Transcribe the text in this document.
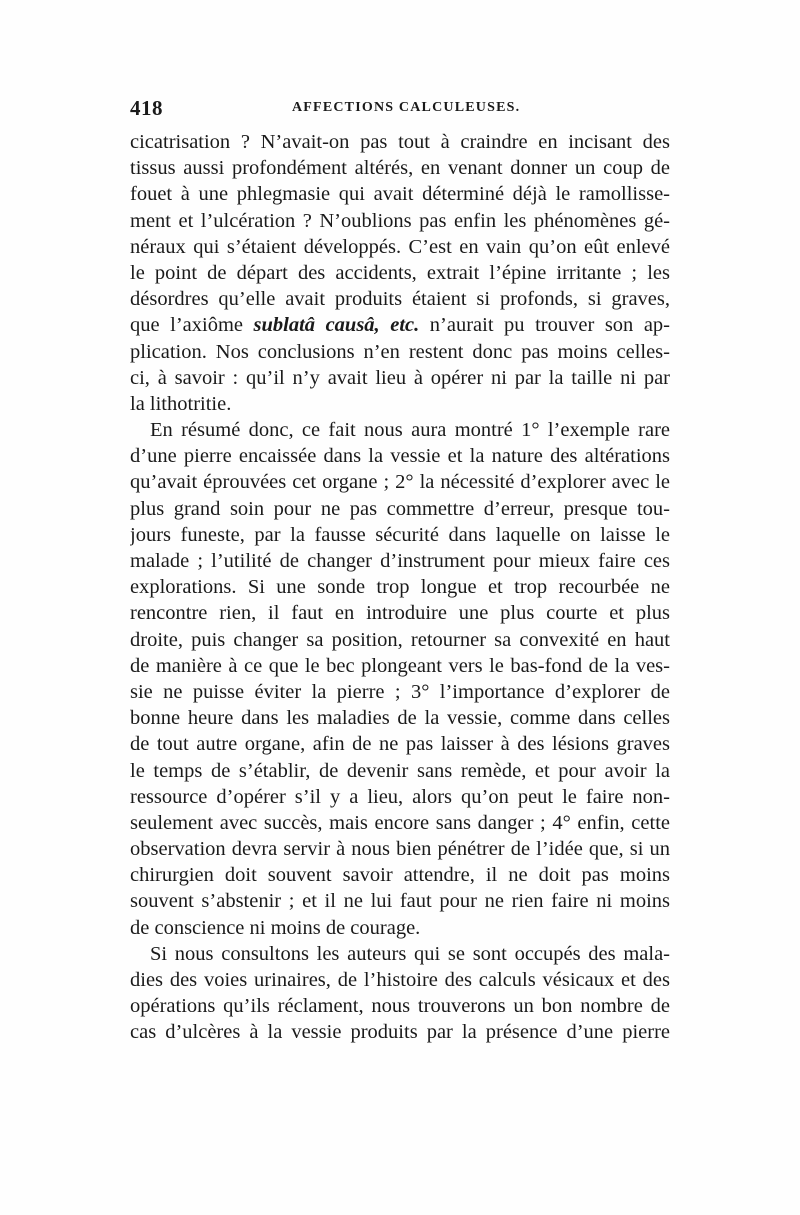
418	AFFECTIONS CALCULEUSES.
cicatrisation ? N’avait-on pas tout à craindre en incisant des
tissus aussi profondément altérés, en venant donner un coup de
fouet à une phlegmasie qui avait déterminé déjà le ramollisse-
ment et l’ulcération ? N’oublions pas enfin les phénomènes gé-
néraux qui s’étaient développés. C’est en vain qu’on eût enlevé
le point de départ des accidents, extrait l’épine irritante ; les
désordres qu’elle avait produits étaient si profonds, si graves,
que l’axiôme sublatâ causâ, etc. n’aurait pu trouver son ap-
plication. Nos conclusions n’en restent donc pas moins celles-
ci, à savoir : qu’il n’y avait lieu à opérer ni par la taille ni par
la lithotritie.
En résumé donc, ce fait nous aura montré 1° l’exemple rare
d’une pierre encaissée dans la vessie et la nature des altérations
qu’avait éprouvées cet organe ; 2° la nécessité d’explorer avec le
plus grand soin pour ne pas commettre d’erreur, presque tou-
jours funeste, par la fausse sécurité dans laquelle on laisse le
malade ; l’utilité de changer d’instrument pour mieux faire ces
explorations. Si une sonde trop longue et trop recourbée ne
rencontre rien, il faut en introduire une plus courte et plus
droite, puis changer sa position, retourner sa convexité en haut
de manière à ce que le bec plongeant vers le bas-fond de la ves-
sie ne puisse éviter la pierre ; 3° l’importance d’explorer de
bonne heure dans les maladies de la vessie, comme dans celles
de tout autre organe, afin de ne pas laisser à des lésions graves
le temps de s’établir, de devenir sans remède, et pour avoir la
ressource d’opérer s’il y a lieu, alors qu’on peut le faire non-
seulement avec succès, mais encore sans danger ; 4° enfin, cette
observation devra servir à nous bien pénétrer de l’idée que, si un
chirurgien doit souvent savoir attendre, il ne doit pas moins
souvent s’abstenir ; et il ne lui faut pour ne rien faire ni moins
de conscience ni moins de courage.
Si nous consultons les auteurs qui se sont occupés des mala-
dies des voies urinaires, de l’histoire des calculs vésicaux et des
opérations qu’ils réclament, nous trouverons un bon nombre de
cas d’ulcères à la vessie produits par la présence d’une pierre
